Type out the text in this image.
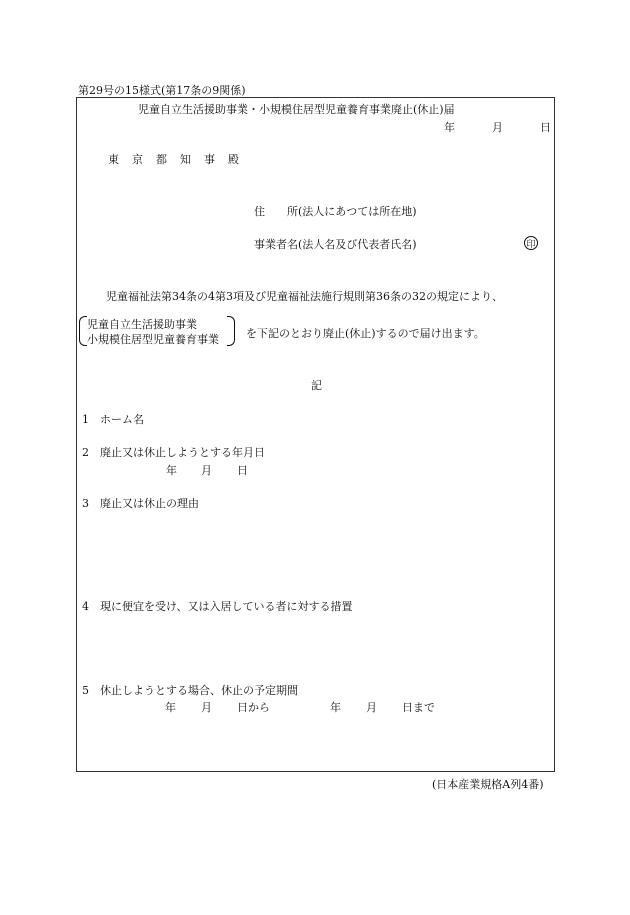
第29号の15様式(第17条の9関係)
児童自立生活援助事業・小規模住居型児童養育事業廃止(休止)届
年	月	日
東京都知事殿
住　　所(法人にあつては所在地)
事業者名(法人名及び代表者氏名)	印
児童福祉法第34条の4第3項及び児童福祉法施行規則第36条の32の規定により、
児童自立生活援助事業
小規模住居型児童養育事業 を下記のとおり廃止(休止)するので届け出ます。
記
1　ホーム名
2　廃止又は休止しようとする年月日
年 月 日
3　廃止又は休止の理由
4　現に便宜を受け、又は入居している者に対する措置
5　休止しようとする場合、休止の予定期間
年 月 日から	年 月 日まで
(日本産業規格A列4番)
